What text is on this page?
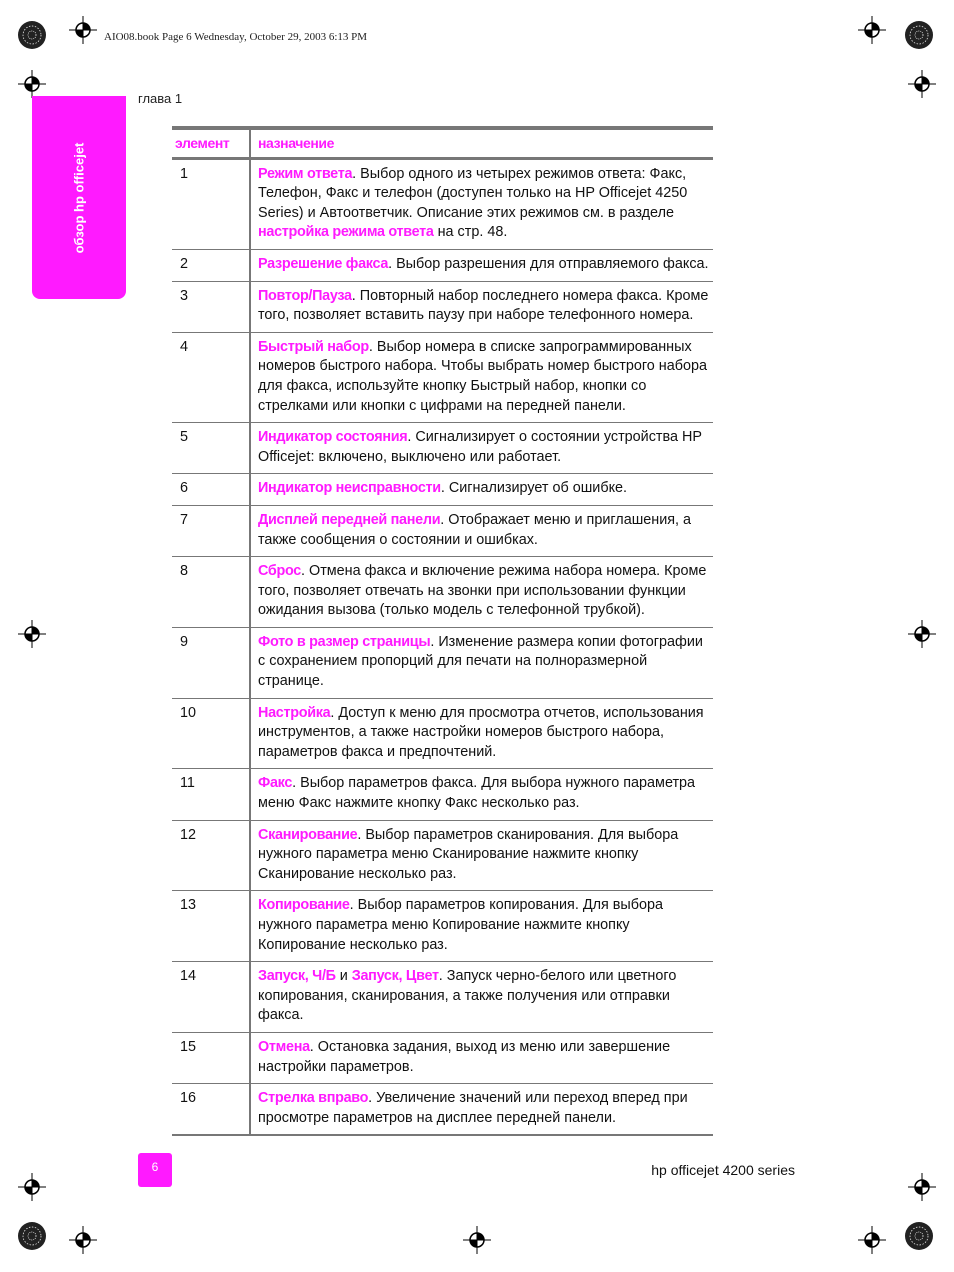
AIO08.book Page 6 Wednesday, October 29, 2003 6:13 PM
глава 1
обзор hp officejet	элемент	назначение
1	Режим ответа. Выбор одного из четырех режимов ответа: Факс, Телефон, Факс и телефон (доступен только на HP Officejet 4250 Series) и Автоответчик. Описание этих режимов см. в разделе настройка режима ответа на стр. 48.
2	Разрешение факса. Выбор разрешения для отправляемого факса.
3	Повтор/Пауза. Повторный набор последнего номера факса. Кроме того, позволяет вставить паузу при наборе телефонного номера.
4	Быстрый набор. Выбор номера в списке запрограммированных номеров быстрого набора. Чтобы выбрать номер быстрого набора для факса, используйте кнопку Быстрый набор, кнопки со стрелками или кнопки с цифрами на передней панели.
5	Индикатор состояния. Сигнализирует о состоянии устройства HP Officejet: включено, выключено или работает.
6	Индикатор неисправности. Сигнализирует об ошибке.
7	Дисплей передней панели. Отображает меню и приглашения, а также сообщения о состоянии и ошибках.
8	Сброс. Отмена факса и включение режима набора номера. Кроме того, позволяет отвечать на звонки при использовании функции ожидания вызова (только модель с телефонной трубкой).
9	Фото в размер страницы. Изменение размера копии фотографии с сохранением пропорций для печати на полноразмерной странице.
10	Настройка. Доступ к меню для просмотра отчетов, использования инструментов, а также настройки номеров быстрого набора, параметров факса и предпочтений.
11	Факс. Выбор параметров факса. Для выбора нужного параметра меню Факс нажмите кнопку Факс несколько раз.
12	Сканирование. Выбор параметров сканирования. Для выбора нужного параметра меню Сканирование нажмите кнопку Сканирование несколько раз.
13	Копирование. Выбор параметров копирования. Для выбора нужного параметра меню Копирование нажмите кнопку Копирование несколько раз.
14	Запуск, Ч/Б и Запуск, Цвет. Запуск черно-белого или цветного копирования, сканирования, а также получения или отправки факса.
15	Отмена. Остановка задания, выход из меню или завершение настройки параметров.
16	Стрелка вправо. Увеличение значений или переход вперед при просмотре параметров на дисплее передней панели.
6	hp officejet 4200 series
